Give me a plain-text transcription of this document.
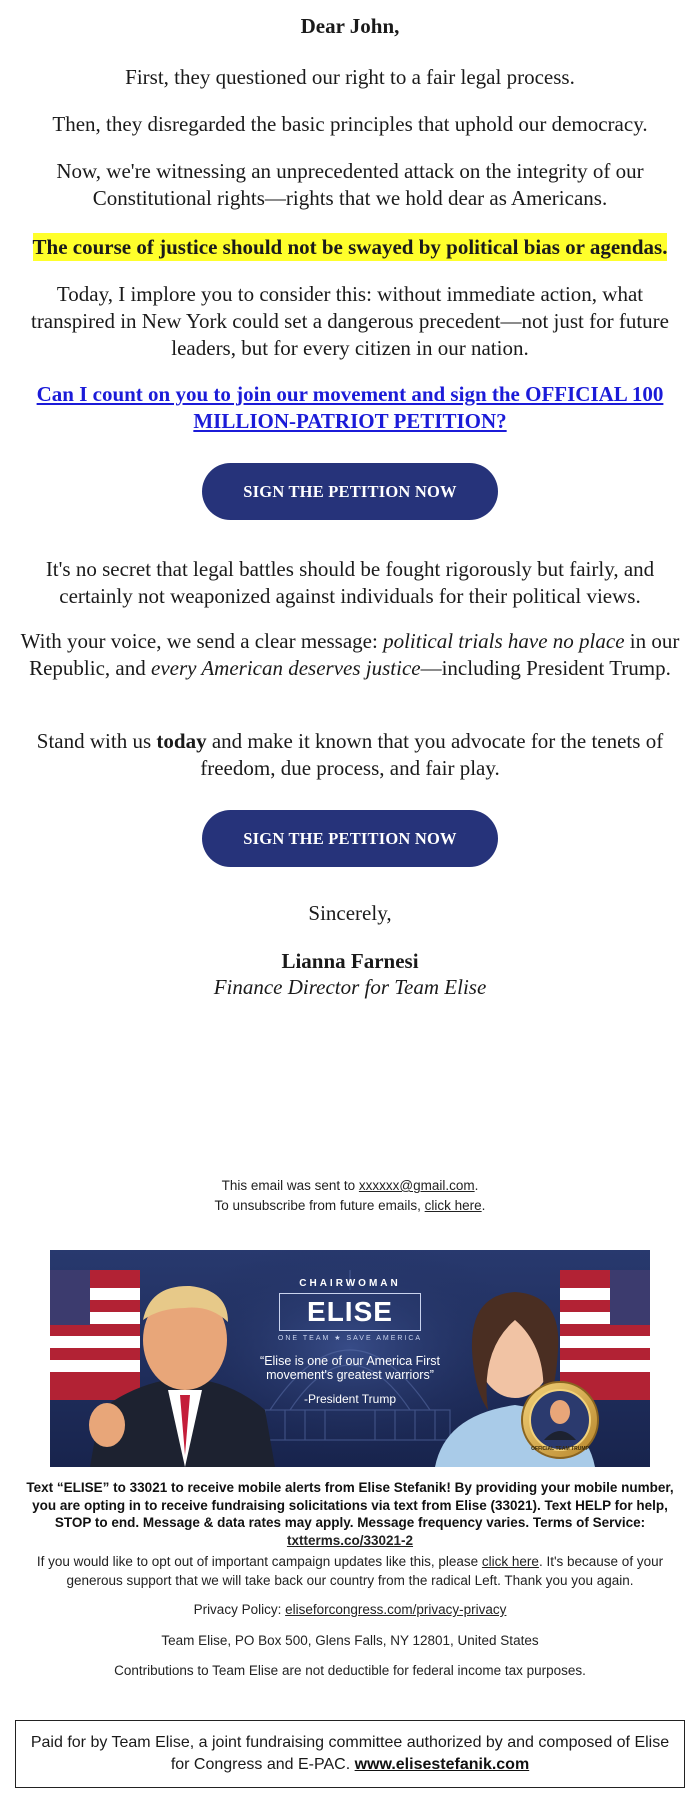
Dear John,
First, they questioned our right to a fair legal process.
Then, they disregarded the basic principles that uphold our democracy.
Now, we're witnessing an unprecedented attack on the integrity of our Constitutional rights—rights that we hold dear as Americans.
The course of justice should not be swayed by political bias or agendas.
Today, I implore you to consider this: without immediate action, what transpired in New York could set a dangerous precedent—not just for future leaders, but for every citizen in our nation.
Can I count on you to join our movement and sign the OFFICIAL 100 MILLION-PATRIOT PETITION?
SIGN THE PETITION NOW
It's no secret that legal battles should be fought rigorously but fairly, and certainly not weaponized against individuals for their political views.
With your voice, we send a clear message: political trials have no place in our Republic, and every American deserves justice—including President Trump.
Stand with us today and make it known that you advocate for the tenets of freedom, due process, and fair play.
SIGN THE PETITION NOW
Sincerely,
Lianna Farnesi
Finance Director for Team Elise
This email was sent to xxxxxx@gmail.com.
To unsubscribe from future emails, click here.
CHAIRWOMAN
ELISE
ONE TEAM ★ SAVE AMERICA
“Elise is one of our America First movement's greatest warriors”
-President Trump
OFFICIAL TEAM TRUMP
Text “ELISE” to 33021 to receive mobile alerts from Elise Stefanik! By providing your mobile number, you are opting in to receive fundraising solicitations via text from Elise (33021). Text HELP for help, STOP to end. Message & data rates may apply. Message frequency varies. Terms of Service: txtterms.co/33021-2
If you would like to opt out of important campaign updates like this, please click here. It's because of your generous support that we will take back our country from the radical Left. Thank you you again.
Privacy Policy: eliseforcongress.com/privacy-privacy
Team Elise, PO Box 500, Glens Falls, NY 12801, United States
Contributions to Team Elise are not deductible for federal income tax purposes.
Paid for by Team Elise, a joint fundraising committee authorized by and composed of Elise for Congress and E-PAC. www.elisestefanik.com
